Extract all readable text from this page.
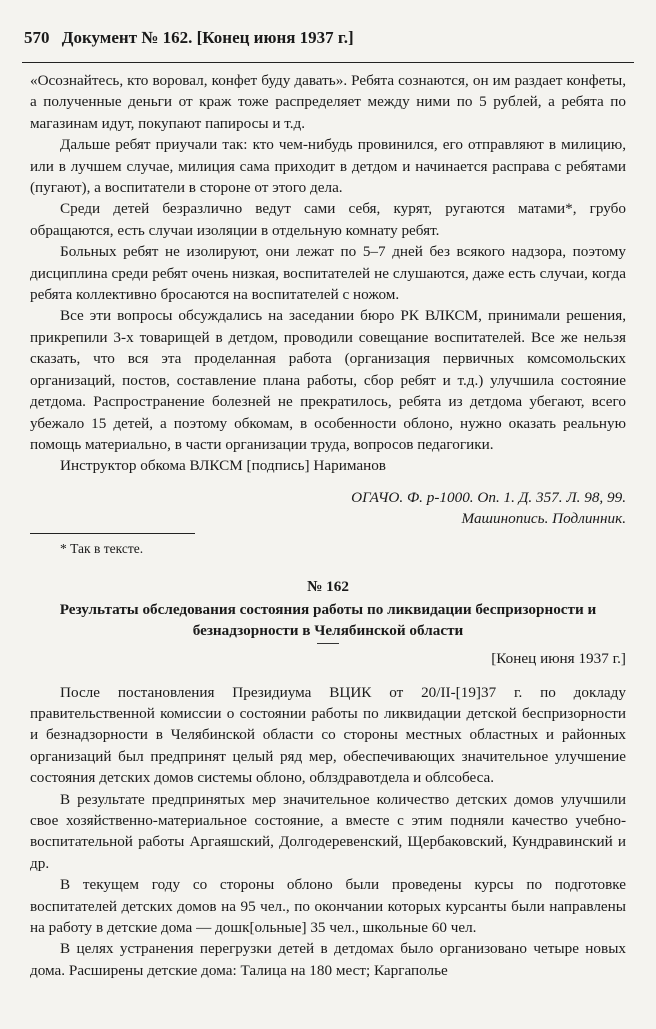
570 Документ № 162. [Конец июня 1937 г.]

«Осознайтесь, кто воровал, конфет буду давать». Ребята сознаются, он им раздает конфеты, а полученные деньги от краж тоже распределяет между ними по 5 рублей, а ребята по магазинам идут, покупают папиросы и т.д.

Дальше ребят приучали так: кто чем-нибудь провинился, его отправляют в милицию, или в лучшем случае, милиция сама приходит в детдом и начинается расправа с ребятами (пугают), а воспитатели в стороне от этого дела.

Среди детей безразлично ведут сами себя, курят, ругаются матами*, грубо обращаются, есть случаи изоляции в отдельную комнату ребят.

Больных ребят не изолируют, они лежат по 5–7 дней без всякого надзора, поэтому дисциплина среди ребят очень низкая, воспитателей не слушаются, даже есть случаи, когда ребята коллективно бросаются на воспитателей с ножом.

Все эти вопросы обсуждались на заседании бюро РК ВЛКСМ, принимали решения, прикрепили 3-х товарищей в детдом, проводили совещание воспитателей. Все же нельзя сказать, что вся эта проделанная работа (организация первичных комсомольских организаций, постов, составление плана работы, сбор ребят и т.д.) улучшила состояние детдома. Распространение болезней не прекратилось, ребята из детдома убегают, всего убежало 15 детей, а поэтому обкомам, в особенности облоно, нужно оказать реальную помощь материально, в части организации труда, вопросов педагогики.

Инструктор обкома ВЛКСМ [подпись] Нариманов

ОГАЧО. Ф. р-1000. Оп. 1. Д. 357. Л. 98, 99.
Машинопись. Подлинник.

* Так в тексте.

№ 162
Результаты обследования состояния работы по ликвидации беспризорности и безнадзорности в Челябинской области
[Конец июня 1937 г.]

После постановления Президиума ВЦИК от 20/II-[19]37 г. по докладу правительственной комиссии о состоянии работы по ликвидации детской беспризорности и безнадзорности в Челябинской области со стороны местных областных и районных организаций был предпринят целый ряд мер, обеспечивающих значительное улучшение состояния детских домов системы облоно, облздравотдела и облсобеса.

В результате предпринятых мер значительное количество детских домов улучшили свое хозяйственно-материальное состояние, а вместе с этим подняли качество учебно-воспитательной работы Аргаяшский, Долгодеревенский, Щербаковский, Кундравинский и др.

В текущем году со стороны облоно были проведены курсы по подготовке воспитателей детских домов на 95 чел., по окончании которых курсанты были направлены на работу в детские дома — дошк[ольные] 35 чел., школьные 60 чел.

В целях устранения перегрузки детей в детдомах было организовано четыре новых дома. Расширены детские дома: Талица на 180 мест; Каргаполье
